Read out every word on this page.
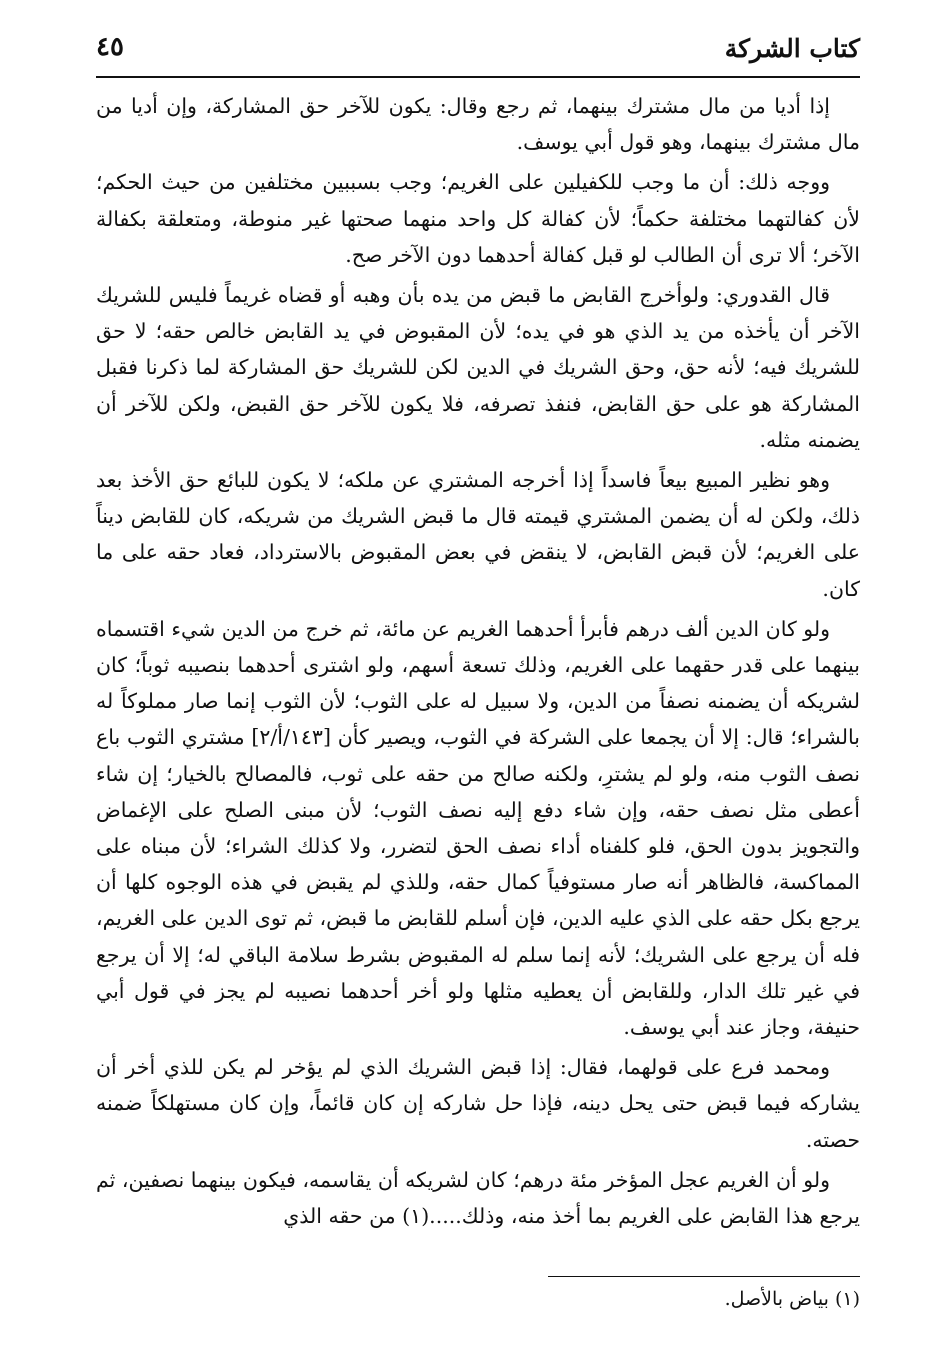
كتاب الشركة
٤٥

إذا أديا من مال مشترك بينهما، ثم رجع وقال: يكون للآخر حق المشاركة، وإن أديا من مال مشترك بينهما، وهو قول أبي يوسف.

ووجه ذلك: أن ما وجب للكفيلين على الغريم؛ وجب بسببين مختلفين من حيث الحكم؛ لأن كفالتهما مختلفة حكماً؛ لأن كفالة كل واحد منهما صحتها غير منوطة، ومتعلقة بكفالة الآخر؛ ألا ترى أن الطالب لو قبل كفالة أحدهما دون الآخر صح.

قال القدوري: ولوأخرج القابض ما قبض من يده بأن وهبه أو قضاه غريماً فليس للشريك الآخر أن يأخذه من يد الذي هو في يده؛ لأن المقبوض في يد القابض خالص حقه؛ لا حق للشريك فيه؛ لأنه حق، وحق الشريك في الدين لكن للشريك حق المشاركة لما ذكرنا فقبل المشاركة هو على حق القابض، فنفذ تصرفه، فلا يكون للآخر حق القبض، ولكن للآخر أن يضمنه مثله.

وهو نظير المبيع بيعاً فاسداً إذا أخرجه المشتري عن ملكه؛ لا يكون للبائع حق الأخذ بعد ذلك، ولكن له أن يضمن المشتري قيمته قال ما قبض الشريك من شريكه، كان للقابض ديناً على الغريم؛ لأن قبض القابض، لا ينقض في بعض المقبوض بالاسترداد، فعاد حقه على ما كان.

ولو كان الدين ألف درهم فأبرأ أحدهما الغريم عن مائة، ثم خرج من الدين شيء اقتسماه بينهما على قدر حقهما على الغريم، وذلك تسعة أسهم، ولو اشترى أحدهما بنصيبه ثوباً؛ كان لشريكه أن يضمنه نصفاً من الدين، ولا سبيل له على الثوب؛ لأن الثوب إنما صار مملوكاً له بالشراء؛ قال: إلا أن يجمعا على الشركة في الثوب، ويصير كأن [١٤٣/أ/٢] مشتري الثوب باع نصف الثوب منه، ولو لم يشترِ، ولكنه صالح من حقه على ثوب، فالمصالح بالخيار؛ إن شاء أعطى مثل نصف حقه، وإن شاء دفع إليه نصف الثوب؛ لأن مبنى الصلح على الإغماض والتجويز بدون الحق، فلو كلفناه أداء نصف الحق لتضرر، ولا كذلك الشراء؛ لأن مبناه على المماكسة، فالظاهر أنه صار مستوفياً كمال حقه، وللذي لم يقبض في هذه الوجوه كلها أن يرجع بكل حقه على الذي عليه الدين، فإن أسلم للقابض ما قبض، ثم توى الدين على الغريم، فله أن يرجع على الشريك؛ لأنه إنما سلم له المقبوض بشرط سلامة الباقي له؛ إلا أن يرجع في غير تلك الدار، وللقابض أن يعطيه مثلها ولو أخر أحدهما نصيبه لم يجز في قول أبي حنيفة، وجاز عند أبي يوسف.

ومحمد فرع على قولهما، فقال: إذا قبض الشريك الذي لم يؤخر لم يكن للذي أخر أن يشاركه فيما قبض حتى يحل دينه، فإذا حل شاركه إن كان قائماً، وإن كان مستهلكاً ضمنه حصته.

ولو أن الغريم عجل المؤخر مئة درهم؛ كان لشريكه أن يقاسمه، فيكون بينهما نصفين، ثم يرجع هذا القابض على الغريم بما أخذ منه، وذلك.....(١) من حقه الذي

(١) بياض بالأصل.
